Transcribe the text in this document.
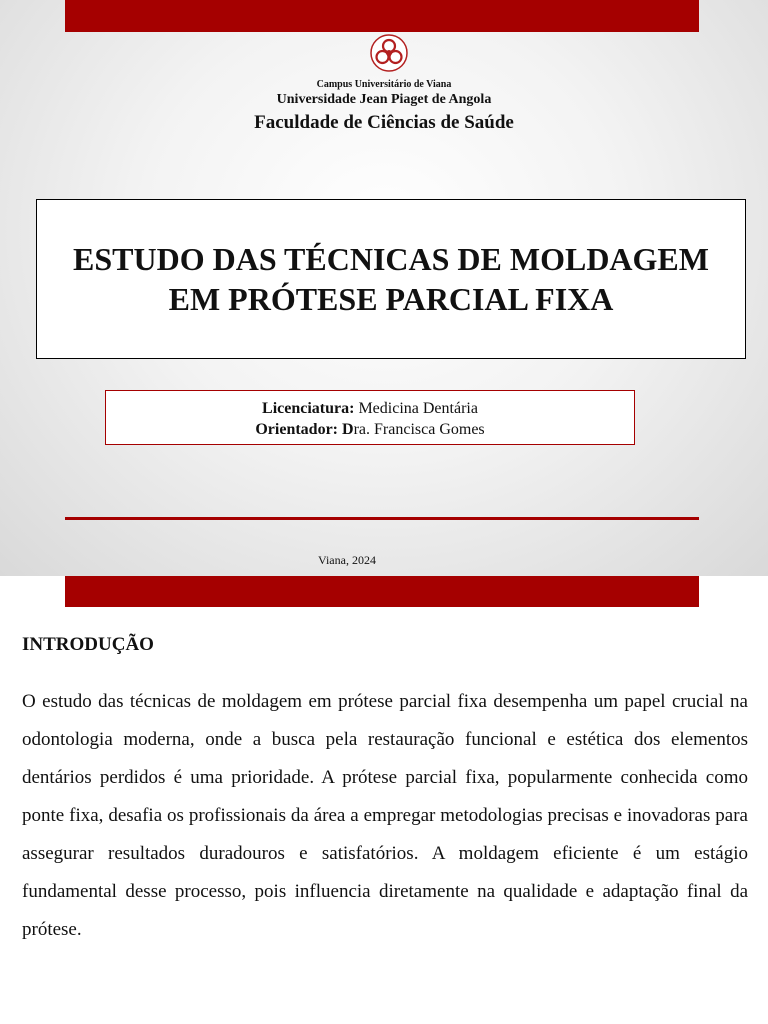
Campus Universitário de Viana
Universidade Jean Piaget de Angola
Faculdade de Ciências de Saúde
ESTUDO DAS TÉCNICAS DE MOLDAGEM
EM PRÓTESE PARCIAL FIXA
Licenciatura: Medicina Dentária
Orientador: Dra. Francisca Gomes
Viana, 2024
INTRODUÇÃO

O estudo das técnicas de moldagem em prótese parcial fixa desempenha um papel crucial na odontologia moderna, onde a busca pela restauração funcional e estética dos elementos dentários perdidos é uma prioridade. A prótese parcial fixa, popularmente conhecida como ponte fixa, desafia os profissionais da área a empregar metodologias precisas e inovadoras para assegurar resultados duradouros e satisfatórios. A moldagem eficiente é um estágio fundamental desse processo, pois influencia diretamente na qualidade e adaptação final da prótese.
